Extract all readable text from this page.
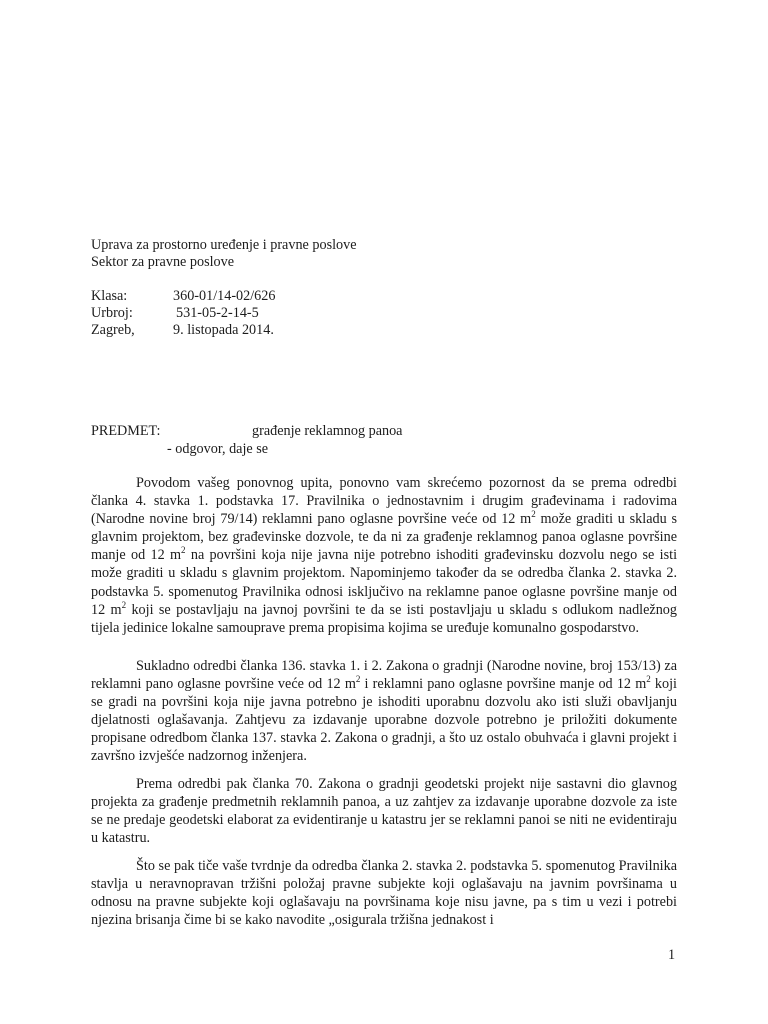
Uprava za prostorno uređenje i pravne poslove
Sektor za pravne poslove
Klasa:	360-01/14-02/626
Urbroj:	531-05-2-14-5
Zagreb,	9. listopada 2014.
PREDMET:	građenje reklamnog panoa
- odgovor, daje se

Povodom vašeg ponovnog upita, ponovno vam skrećemo pozornost da se prema odredbi članka 4. stavka 1. podstavka 17. Pravilnika o jednostavnim i drugim građevinama i radovima (Narodne novine broj 79/14) reklamni pano oglasne površine veće od 12 $m^2$ može graditi u skladu s glavnim projektom, bez građevinske dozvole, te da ni za građenje reklamnog panoa oglasne površine manje od 12 $m^2$ na površini koja nije javna nije potrebno ishoditi građevinsku dozvolu nego se isti može graditi u skladu s glavnim projektom. Napominjemo također da se odredba članka 2. stavka 2. podstavka 5. spomenutog Pravilnika odnosi isključivo na reklamne panoe oglasne površine manje od 12 $m^2$ koji se postavljaju na javnoj površini te da se isti postavljaju u skladu s odlukom nadležnog tijela jedinice lokalne samouprave prema propisima kojima se uređuje komunalno gospodarstvo.

Sukladno odredbi članka 136. stavka 1. i 2. Zakona o gradnji (Narodne novine, broj 153/13) za reklamni pano oglasne površine veće od 12 $m^2$ i reklamni pano oglasne površine manje od 12 $m^2$ koji se gradi na površini koja nije javna potrebno je ishoditi uporabnu dozvolu ako isti služi obavljanju djelatnosti oglašavanja. Zahtjevu za izdavanje uporabne dozvole potrebno je priložiti dokumente propisane odredbom članka 137. stavka 2. Zakona o gradnji, a što uz ostalo obuhvaća i glavni projekt i završno izvješće nadzornog inženjera.

Prema odredbi pak članka 70. Zakona o gradnji geodetski projekt nije sastavni dio glavnog projekta za građenje predmetnih reklamnih panoa, a uz zahtjev za izdavanje uporabne dozvole za iste se ne predaje geodetski elaborat za evidentiranje u katastru jer se reklamni panoi se niti ne evidentiraju u katastru.

Što se pak tiče vaše tvrdnje da odredba članka 2. stavka 2. podstavka 5. spomenutog Pravilnika stavlja u neravnopravan tržišni položaj pravne subjekte koji oglašavaju na javnim površinama u odnosu na pravne subjekte koji oglašavaju na površinama koje nisu javne, pa s tim u vezi i potrebi njezina brisanja čime bi se kako navodite „osigurala tržišna jednakost i

1
